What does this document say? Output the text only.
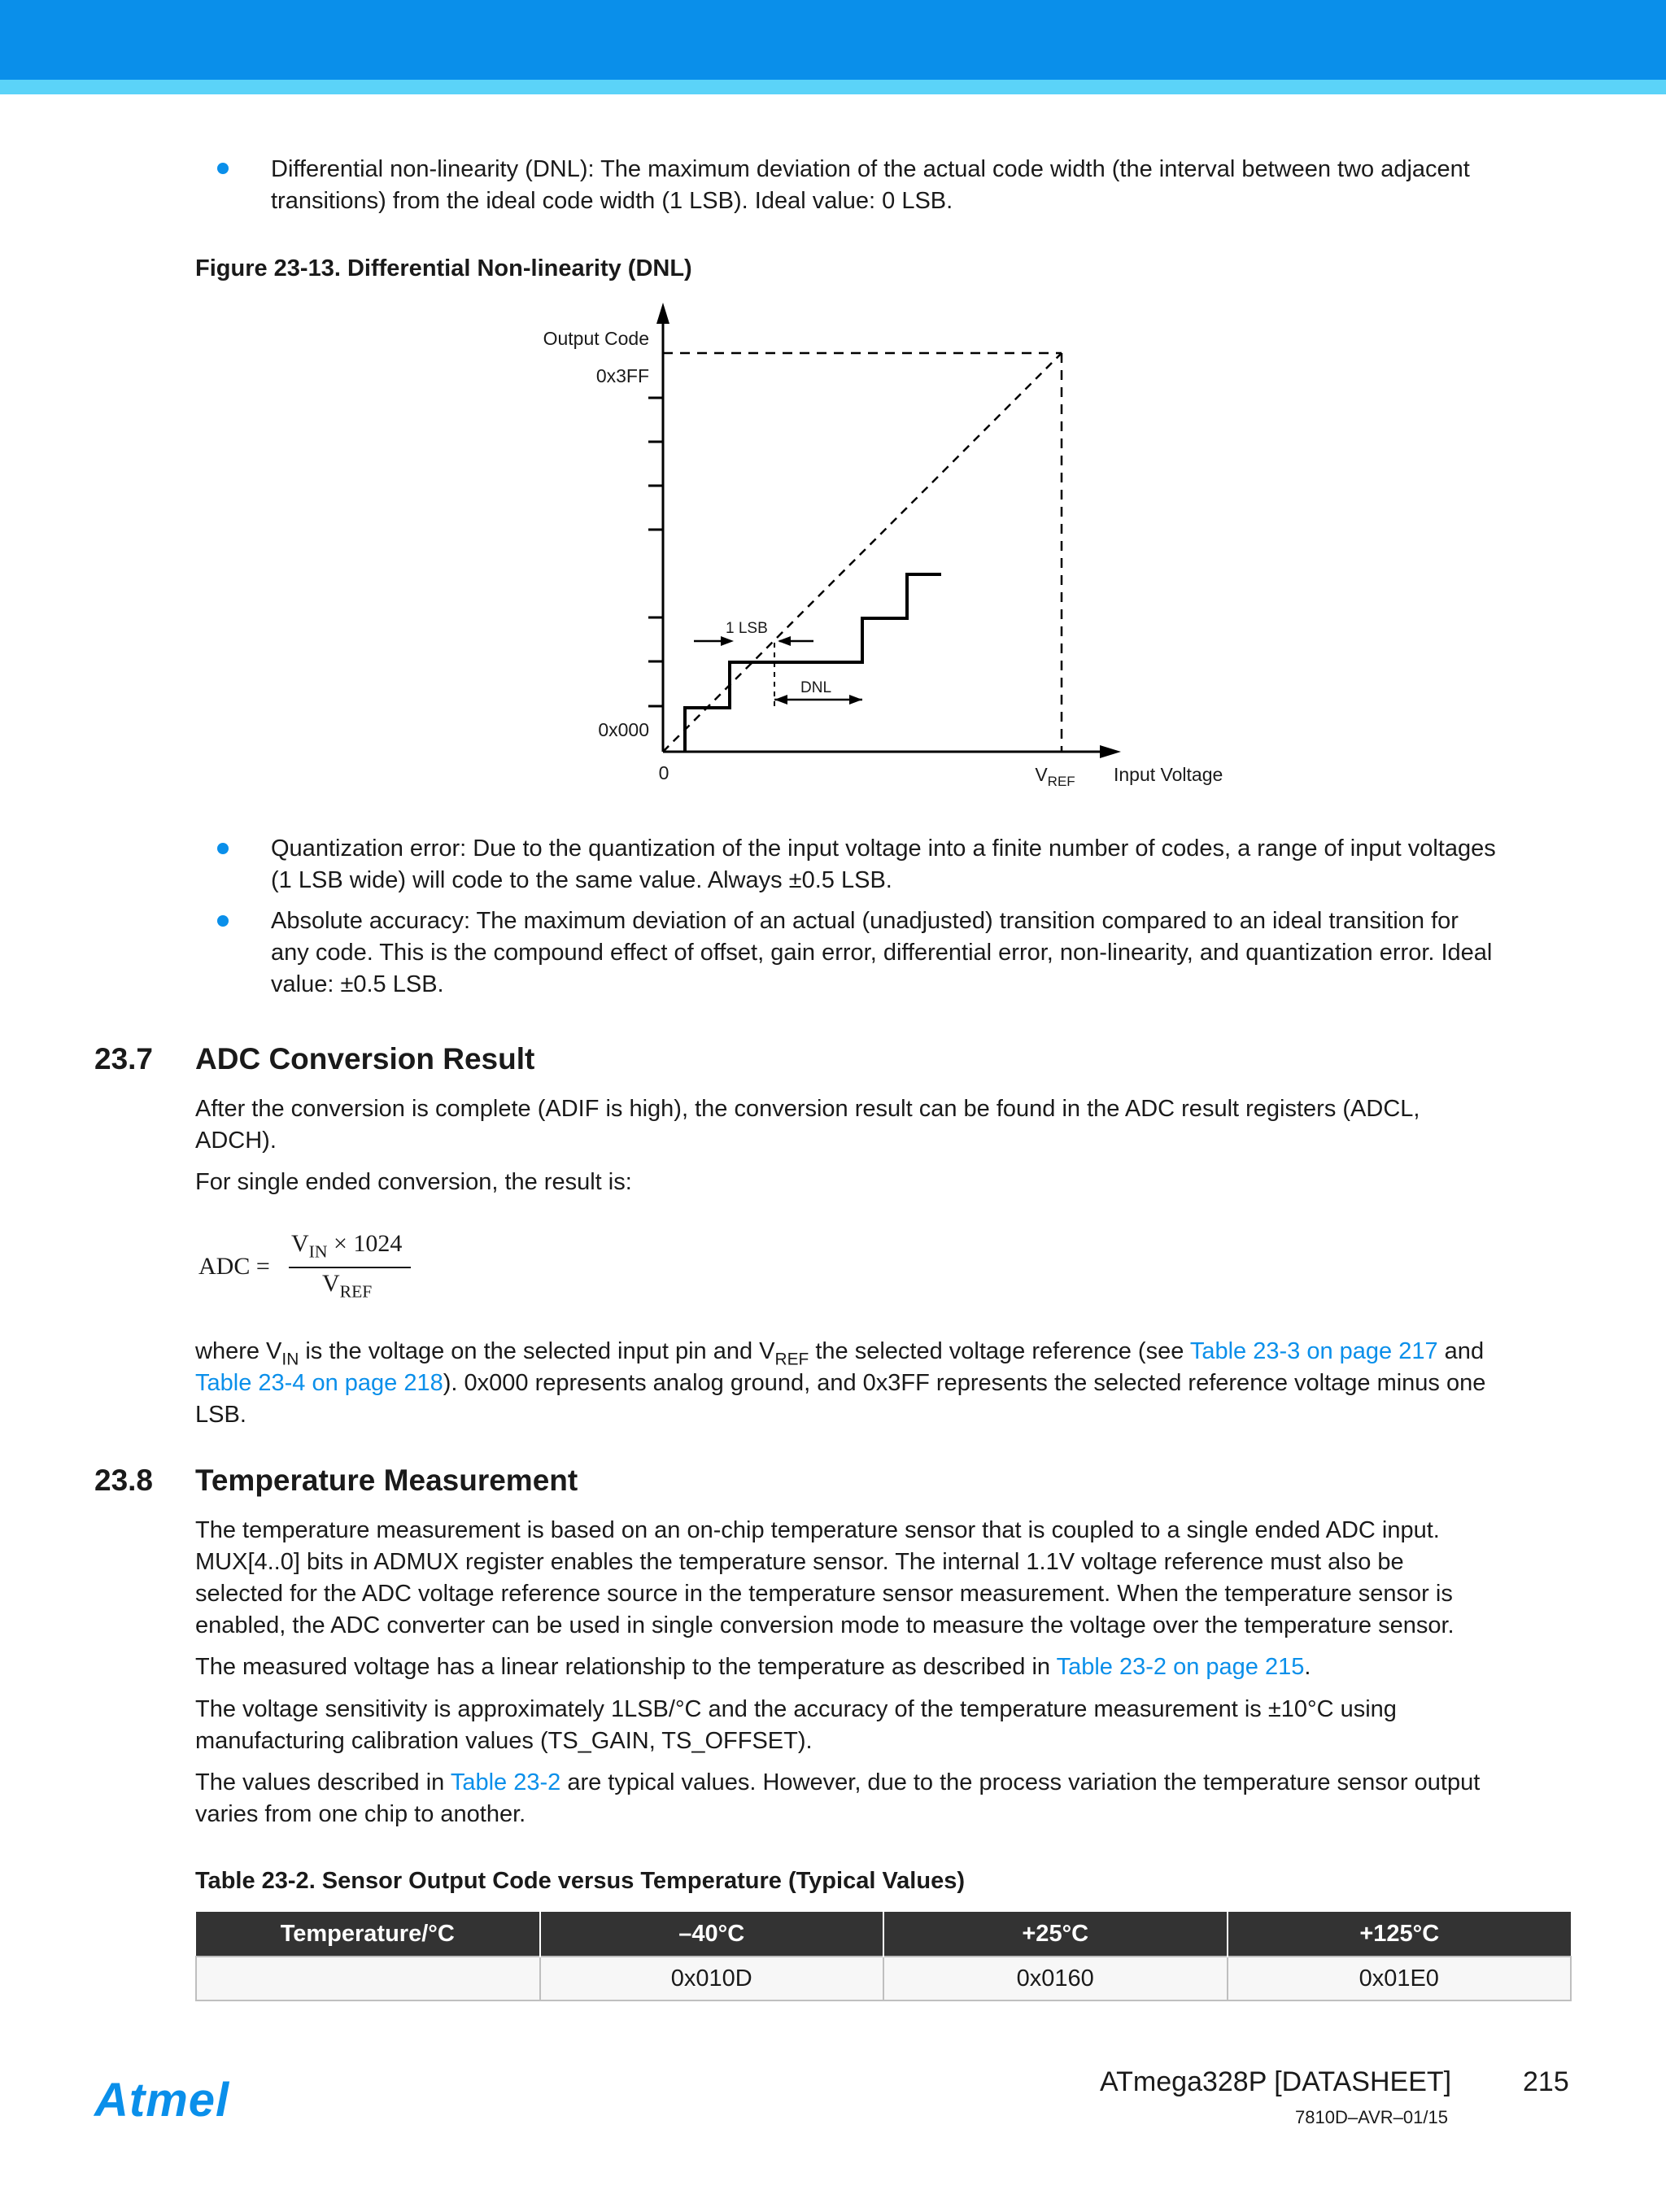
Differential non-linearity (DNL): The maximum deviation of the actual code width (the interval between two adjacent
transitions) from the ideal code width (1 LSB). Ideal value: 0 LSB.
Figure 23-13. Differential Non-linearity (DNL)
1 LSB
DNL
Output Code
0x3FF
0x000
0	$V_{REF}$ Input Voltage
Quantization error: Due to the quantization of the input voltage into a finite number of codes, a range of input voltages
(1 LSB wide) will code to the same value. Always ±0.5 LSB.
Absolute accuracy: The maximum deviation of an actual (unadjusted) transition compared to an ideal transition for
any code. This is the compound effect of offset, gain error, differential error, non-linearity, and quantization error. Ideal
value: ±0.5 LSB.
23.7 ADC Conversion Result
After the conversion is complete (ADIF is high), the conversion result can be found in the ADC result registers (ADCL,
ADCH).
For single ended conversion, the result is:
ADC =
$V_{IN} \times 1024$
$V_{REF}$
where $V_{IN}$ is the voltage on the selected input pin and $V_{REF}$ the selected voltage reference (see Table 23-3 on page 217 and
Table 23-4 on page 218). 0x000 represents analog ground, and 0x3FF represents the selected reference voltage minus one
LSB.
23.8 Temperature Measurement
The temperature measurement is based on an on-chip temperature sensor that is coupled to a single ended ADC input.
MUX[4..0] bits in ADMUX register enables the temperature sensor. The internal 1.1V voltage reference must also be
selected for the ADC voltage reference source in the temperature sensor measurement. When the temperature sensor is
enabled, the ADC converter can be used in single conversion mode to measure the voltage over the temperature sensor.
The measured voltage has a linear relationship to the temperature as described in Table 23-2 on page 215.
The voltage sensitivity is approximately 1LSB/°C and the accuracy of the temperature measurement is ±10°C using
manufacturing calibration values (TS_GAIN, TS_OFFSET).
The values described in Table 23-2 are typical values. However, due to the process variation the temperature sensor output
varies from one chip to another.
Table 23-2. Sensor Output Code versus Temperature (Typical Values)
Temperature/°C	–40°C	+25°C	+125°C
	0x010D	0x0160	0x01E0
Atmel	ATmega328P [DATASHEET]	215
7810D–AVR–01/15
